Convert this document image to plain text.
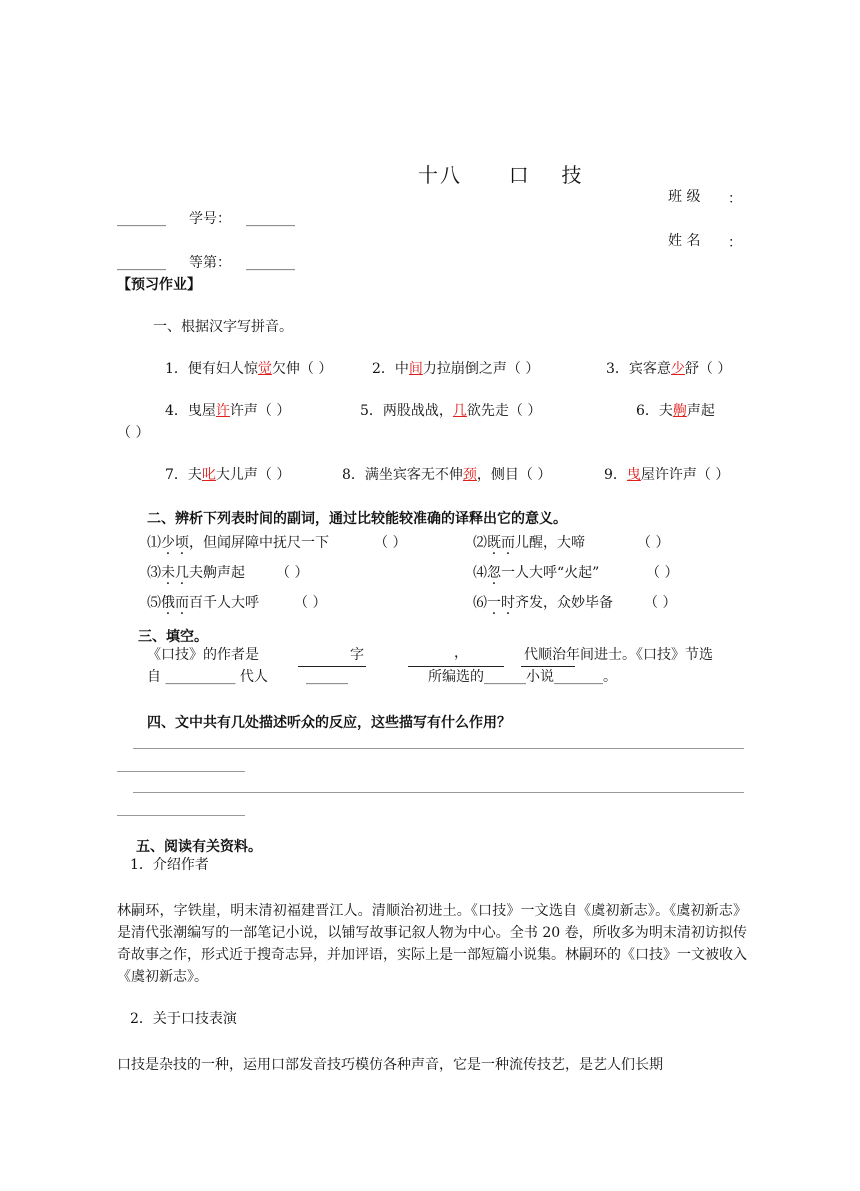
十八 口 技
班 级 ：
_______ 学号： _______
姓 名 ：
_______ 等第： _______
【预习作业】
一、根据汉字写拼音。
1．便有妇人惊觉欠伸（ ）	2．中间力拉崩倒之声（ ）	3．宾客意少舒（ ）
4．曳屋许许声（ ）	5．两股战战，几欲先走（ ）	6．夫齁声起
（ ）
7．夫叱大儿声（ ）	8．满坐宾客无不伸颈，侧目（ ）	9．曳屋许许声（ ）
二、辨析下列表时间的副词，通过比较能较准确的译释出它的意义。
⑴少顷，但闻屏障中抚尺一下	（ ）	⑵既而儿醒，大啼	（ ）
⑶未几夫齁声起 （ ）	⑷忽一人大呼“火起”	（ ）
⑸俄而百千人大呼	（ ）	⑹一时齐发，众妙毕备 （ ）
三、填空。
《口技》的作者是	字	，	代顺治年间进士。《口技》节选
自 __________ 代人	______	所编选的______小说_______。
四、文中共有几处描述听众的反应，这些描写有什么作用？
五、阅读有关资料。
1．介绍作者
林嗣环，字铁崖，明末清初福建晋江人。清顺治初进土。《口技》一文选自《虞初新志》。《虞初新志》是清代张潮编写的一部笔记小说，以铺写故事记叙人物为中心。全书 20 卷，所收多为明末清初访拟传奇故事之作，形式近于搜奇志异，并加评语，实际上是一部短篇小说集。林嗣环的《口技》一文被收入《虞初新志》。
2．关于口技表演
口技是杂技的一种，运用口部发音技巧模仿各种声音，它是一种流传技艺，是艺人们长期
